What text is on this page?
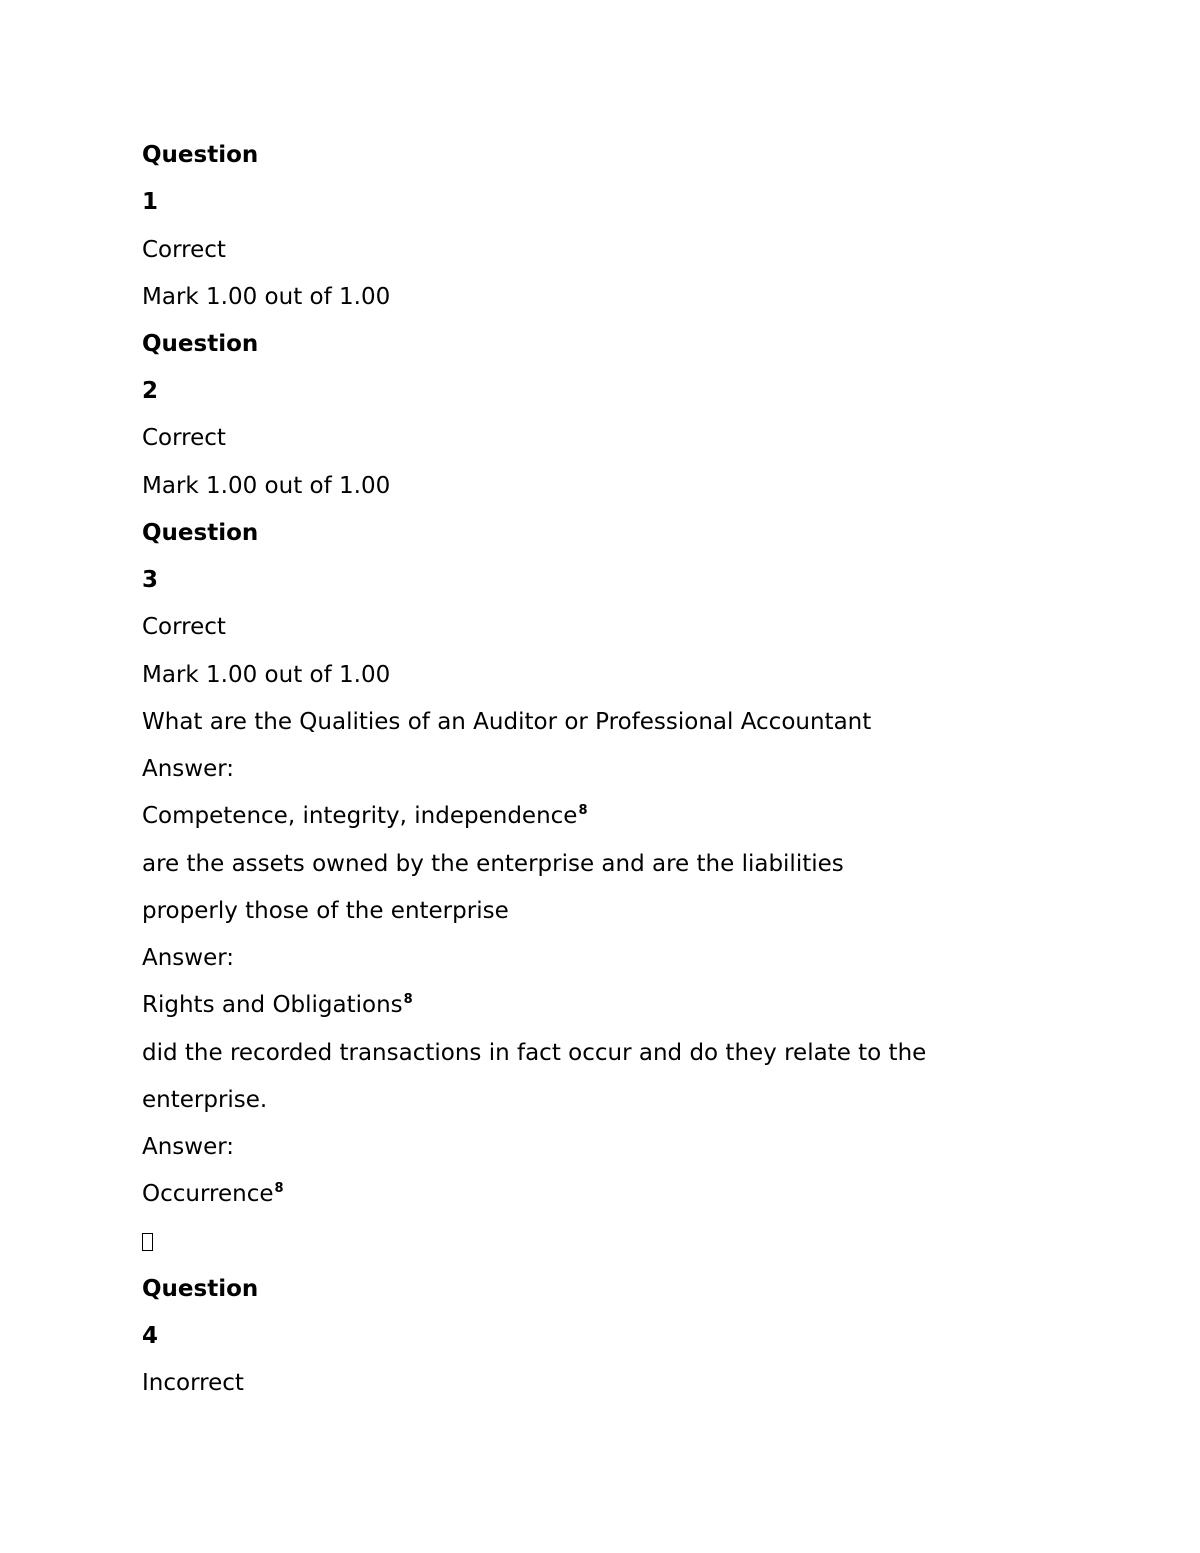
Question
1
Correct
Mark 1.00 out of 1.00
Question
2
Correct
Mark 1.00 out of 1.00
Question
3
Correct
Mark 1.00 out of 1.00
What are the Qualities of an Auditor or Professional Accountant
Answer:
Competence, integrity, independence$^8$
are the assets owned by the enterprise and are the liabilities
properly those of the enterprise
Answer:
Rights and Obligations$^8$
did the recorded transactions in fact occur and do they relate to the
enterprise.
Answer:
Occurrence$^8$
Question
4
Incorrect
